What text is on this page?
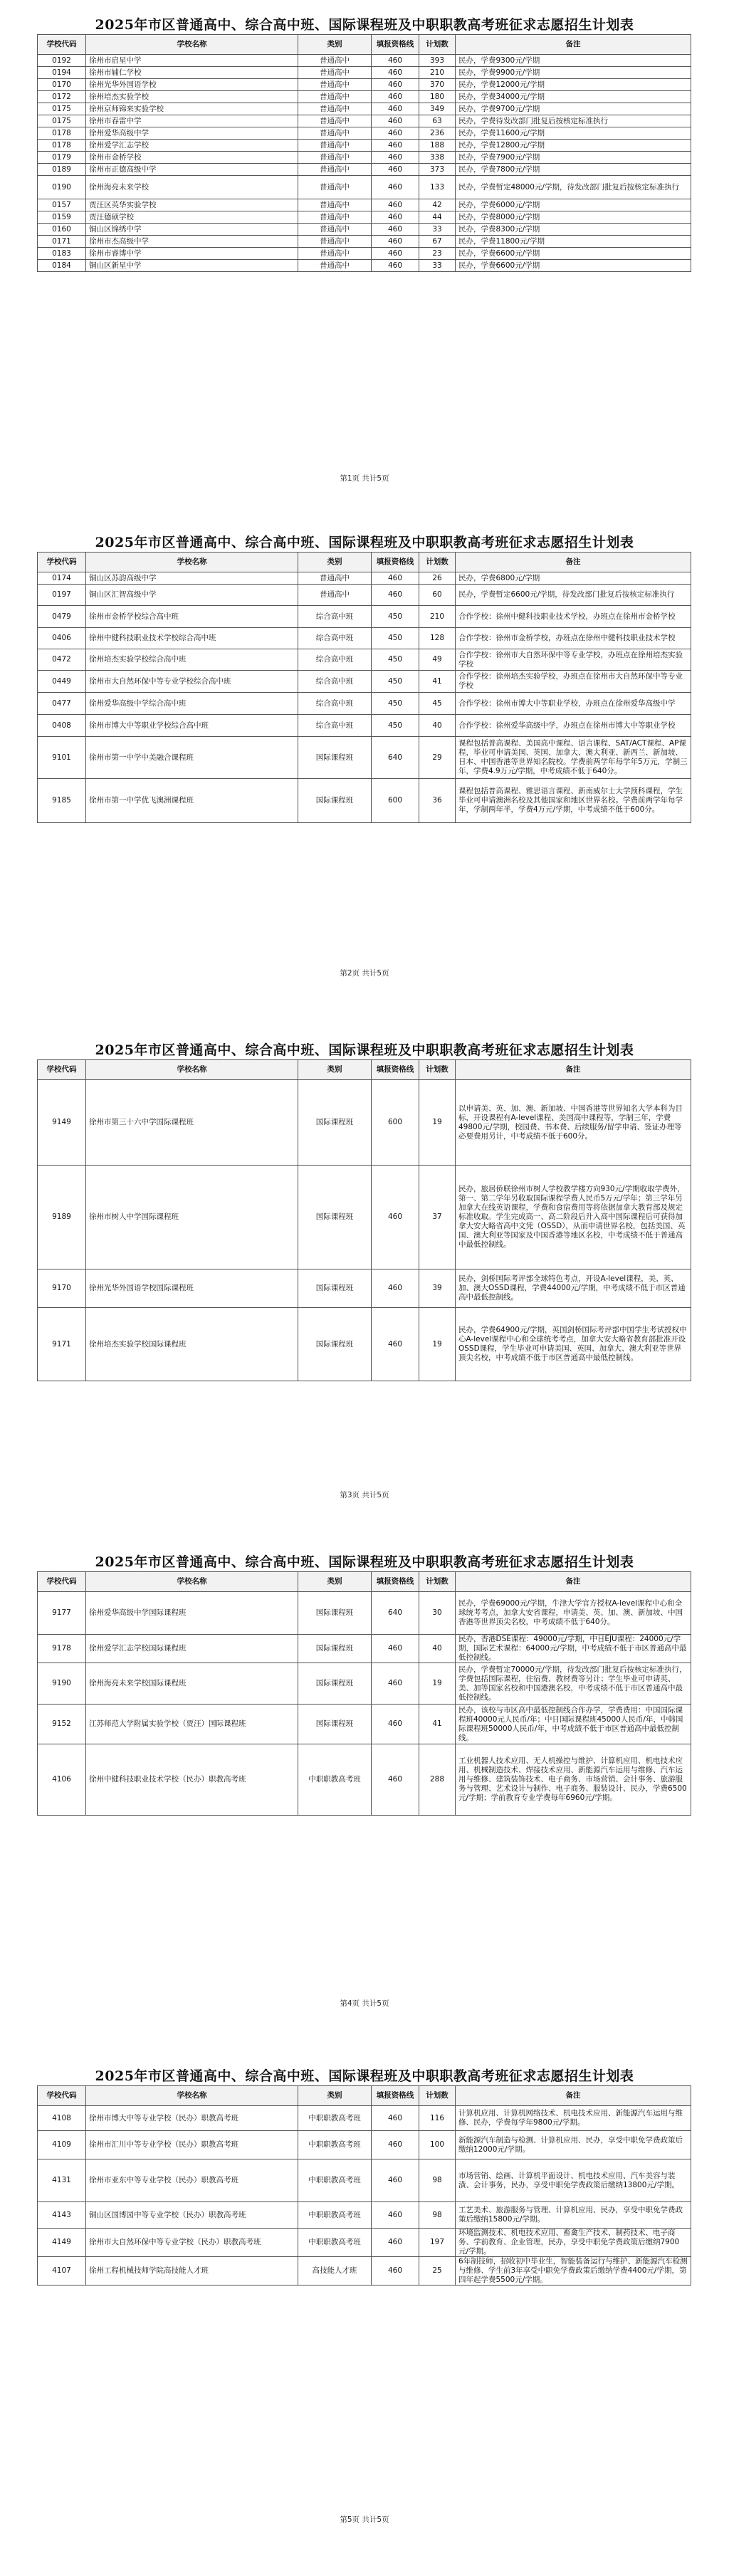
2025年市区普通高中、综合高中班、国际课程班及中职职教高考班征求志愿招生计划表
学校代码	学校名称	类别	填报资格线	计划数	备注
0192	徐州市启星中学	普通高中	460	393	民办，学费9300元/学期
0194	徐州市辅仁学校	普通高中	460	210	民办，学费9900元/学期
0170	徐州光华外国语学校	普通高中	460	370	民办，学费12000元/学期
0172	徐州培杰实验学校	普通高中	460	180	民办，学费34000元/学期
0175	徐州京师锦来实验学校	普通高中	460	349	民办，学费9700元/学期
0175	徐州市春雷中学	普通高中	460	63	民办，学费待发改部门批复后按核定标准执行
0178	徐州爱华高级中学	普通高中	460	236	民办，学费11600元/学期
0178	徐州爱学汇志学校	普通高中	460	188	民办，学费12800元/学期
0179	徐州市金桥学校	普通高中	460	338	民办，学费7900元/学期
0189	徐州市正德高级中学	普通高中	460	373	民办，学费7800元/学期
0190	徐州海亮未来学校	普通高中	460	133	民办，学费暂定48000元/学期，待发改部门批复后按核定标准执行
0157	贾汪区英华实验学校	普通高中	460	42	民办，学费6000元/学期
0159	贾汪德硕学校	普通高中	460	44	民办，学费8000元/学期
0160	铜山区锦绣中学	普通高中	460	33	民办，学费8300元/学期
0171	徐州市杰高级中学	普通高中	460	67	民办，学费11800元/学期
0183	徐州市睿博中学	普通高中	460	23	民办，学费6600元/学期
0184	铜山区新星中学	普通高中	460	33	民办，学费6600元/学期
第1页 共计5页
2025年市区普通高中、综合高中班、国际课程班及中职职教高考班征求志愿招生计划表
学校代码	学校名称	类别	填报资格线	计划数	备注
0174	铜山区苏韵高级中学	普通高中	460	26	民办，学费6800元/学期
0197	铜山区汇智高级中学	普通高中	460	60	民办，学费暂定6600元/学期，待发改部门批复后按核定标准执行
0479	徐州市金桥学校综合高中班	综合高中班	450	210	合作学校：徐州中健科技职业技术学校，办班点在徐州市金桥学校
0406	徐州中健科技职业技术学校综合高中班	综合高中班	450	128	合作学校：徐州市金桥学校，办班点在徐州中健科技职业技术学校
0472	徐州培杰实验学校综合高中班	综合高中班	450	49	合作学校：徐州市大自然环保中等专业学校，办班点在徐州培杰实验学校
0449	徐州市大自然环保中等专业学校综合高中班	综合高中班	450	41	合作学校：徐州培杰实验学校，办班点在徐州市大自然环保中等专业学校
0477	徐州爱华高级中学综合高中班	综合高中班	450	45	合作学校：徐州市博大中等职业学校，办班点在徐州爱华高级中学
0408	徐州市博大中等职业学校综合高中班	综合高中班	450	40	合作学校：徐州爱华高级中学，办班点在徐州市博大中等职业学校
9101	徐州市第一中学中美融合课程班	国际课程班	640	29	课程包括普高课程、美国高中课程、语言课程、SAT/ACT课程、AP课程，毕业可申请美国、英国、加拿大、澳大利亚、新西兰、新加坡、日本、中国香港等世界知名院校。学费前两学年每学年5万元，学制三年，学费4.9万元/学期，中考成绩不低于640分。
9185	徐州市第一中学优飞澳洲课程班	国际课程班	600	36	课程包括普高课程、雅思语言课程、新南威尔士大学预科课程，学生毕业可申请澳洲名校及其他国家和地区世界名校。学费前两学年每学年，学制两年半，学费4万元/学期，中考成绩不低于600分。
第2页 共计5页
2025年市区普通高中、综合高中班、国际课程班及中职职教高考班征求志愿招生计划表
学校代码	学校名称	类别	填报资格线	计划数	备注
9149	徐州市第三十六中学国际课程班	国际课程班	600	19	以申请美、英、加、澳、新加坡、中国香港等世界知名大学本科为目标，开设课程有A-level课程、美国高中课程等，学制三年，学费49800元/学期，校园费、书本费、后续服务/留学申请、签证办理等必要费用另计，中考成绩不低于600分。
9189	徐州市树人中学国际课程班	国际课程班	460	37	民办，旅居侨联徐州市树人学校教学楼方向930元/学期收取学费外，第一、第二学年另收取国际课程学费人民币5万元/学年；第三学年另加拿大在线英语课程，学费和食宿费用等将依据加拿大教育部及规定标准收取。学生完成高一、高二阶段后升入高中国际课程后可获得加拿大安大略省高中文凭（OSSD），从而申请世界名校，包括美国、英国、澳大利亚等国家及中国香港等地区名校，中考成绩不低于普通高中最低控制线。
9170	徐州光华外国语学校国际课程班	国际课程班	460	39	民办，剑桥国际考评部全球特色考点，开设A-level课程，美、英、加、澳大OSSD课程，学费44000元/学期，中考成绩不低于市区普通高中最低控制线。
9171	徐州培杰实验学校国际课程班	国际课程班	460	19	民办，学费64900元/学期，英国剑桥国际考评部中国学生考试授权中心A-level课程中心和全球统考考点，加拿大安大略省教育部批准开设OSSD课程，学生毕业可申请美国、英国、加拿大、澳大利亚等世界顶尖名校，中考成绩不低于市区普通高中最低控制线。
第3页 共计5页
2025年市区普通高中、综合高中班、国际课程班及中职职教高考班征求志愿招生计划表
学校代码	学校名称	类别	填报资格线	计划数	备注
9177	徐州爱华高级中学国际课程班	国际课程班	640	30	民办，学费69000元/学期，牛津大学官方授权A-level课程中心和全球统考考点，加拿大安省课程，申请美、英、加、澳、新加坡、中国香港等世界顶尖名校，中考成绩不低于640分。
9178	徐州爱学汇志学校国际课程班	国际课程班	460	40	民办，香港DSE课程：49000元/学期，中日EJU课程：24000元/学期，国际艺术课程：64000元/学期，中考成绩不低于市区普通高中最低控制线。
9190	徐州海亮未来学校国际课程班	国际课程班	460	19	民办，学费暂定70000元/学期，待发改部门批复后按核定标准执行，学费包括国际课程，住宿费、教材费等另计；学生毕业可申请英、美、加等国家名校和中国港澳名校，中考成绩不低于市区普通高中最低控制线。
9152	江苏师范大学附属实验学校（贾汪）国际课程班	国际课程班	460	41	民办，该校与市区高中最低控制线合作办学，学费费用：中国国际课程班40000元人民币/年；中日国际课程班45000人民币/年，中韩国际课程班50000人民币/年，中考成绩不低于市区普通高中最低控制线。
4106	徐州中健科技职业技术学校（民办）职教高考班	中职职教高考班	460	288	工业机器人技术应用、无人机操控与维护、计算机应用、机电技术应用、机械制造技术、焊接技术应用、新能源汽车运用与维修、汽车运用与维修、建筑装饰技术、电子商务、市场营销、会计事务、旅游服务与管理、艺术设计与制作、电子商务、服装设计、民办，学费6500元/学期；学前教育专业学费每年6960元/学期。
第4页 共计5页
2025年市区普通高中、综合高中班、国际课程班及中职职教高考班征求志愿招生计划表
学校代码	学校名称	类别	填报资格线	计划数	备注
4108	徐州市博大中等专业学校（民办）职教高考班	中职职教高考班	460	116	计算机应用、计算机网络技术、机电技术应用、新能源汽车运用与维修、民办，学费每学年9800元/学期。
4109	徐州市汇川中等专业学校（民办）职教高考班	中职职教高考班	460	100	新能源汽车制造与检测、计算机应用、民办，享受中职免学费政策后缴纳12000元/学期。
4131	徐州市亚东中等专业学校（民办）职教高考班	中职职教高考班	460	98	市场营销、绘画、计算机平面设计、机电技术应用、汽车美容与装潢、会计事务，民办，享受中职免学费政策后缴纳13800元/学期。
4143	铜山区国博园中等专业学校（民办）职教高考班	中职职教高考班	460	98	工艺美术、旅游服务与管理、计算机应用、民办，享受中职免学费政策后缴纳15800元/学期。
4149	徐州市大自然环保中等专业学校（民办）职教高考班	中职职教高考班	460	197	环境监测技术、机电技术应用、畜禽生产技术、制药技术、电子商务、学前教育、企业管理，民办，享受中职免学费政策后缴纳7900元/学期。
4107	徐州工程机械技师学院高技能人才班	高技能人才班	460	25	6年制技师，招收初中毕业生，智能装备运行与维护、新能源汽车检测与维修、学生前3年享受中职免学费政策后缴纳学费4400元/学期，第四年起学费5500元/学期。
第5页 共计5页
